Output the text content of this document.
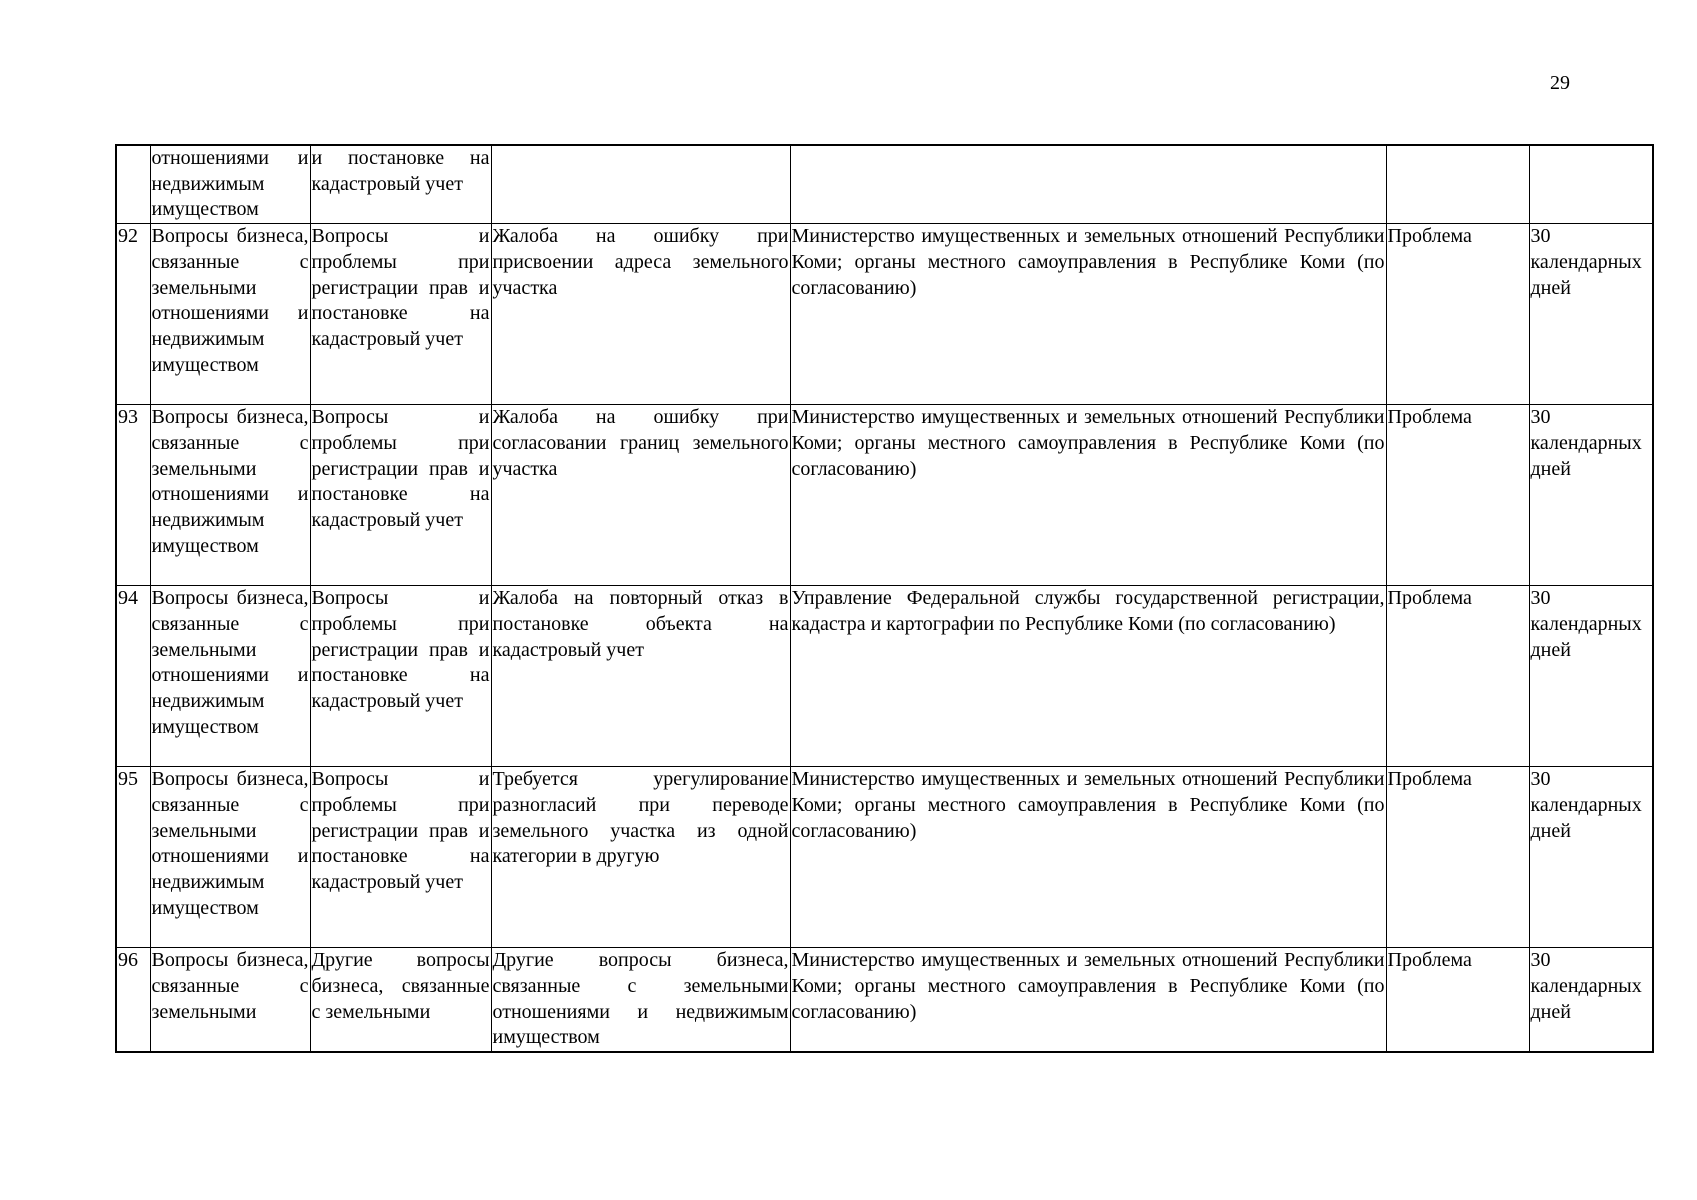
29
	отношениями и недвижимым имуществом	и постановке на кадастровый учет				
92	Вопросы бизнеса, связанные с земельными отношениями и недвижимым имуществом	Вопросы и проблемы при регистрации прав и постановке на кадастровый учет	Жалоба на ошибку при присвоении адреса земельного участка	Министерство имущественных и земельных отношений Республики Коми; органы местного самоуправления в Республике Коми (по согласованию)	Проблема	30 календарных дней
93	Вопросы бизнеса, связанные с земельными отношениями и недвижимым имуществом	Вопросы и проблемы при регистрации прав и постановке на кадастровый учет	Жалоба на ошибку при согласовании границ земельного участка	Министерство имущественных и земельных отношений Республики Коми; органы местного самоуправления в Республике Коми (по согласованию)	Проблема	30 календарных дней
94	Вопросы бизнеса, связанные с земельными отношениями и недвижимым имуществом	Вопросы и проблемы при регистрации прав и постановке на кадастровый учет	Жалоба на повторный отказ в постановке объекта на кадастровый учет	Управление Федеральной службы государственной регистрации, кадастра и картографии по Республике Коми (по согласованию)	Проблема	30 календарных дней
95	Вопросы бизнеса, связанные с земельными отношениями и недвижимым имуществом	Вопросы и проблемы при регистрации прав и постановке на кадастровый учет	Требуется урегулирование разногласий при переводе земельного участка из одной категории в другую	Министерство имущественных и земельных отношений Республики Коми; органы местного самоуправления в Республике Коми (по согласованию)	Проблема	30 календарных дней
96	Вопросы бизнеса, связанные с земельными	Другие вопросы бизнеса, связанные с земельными	Другие вопросы бизнеса, связанные с земельными отношениями и недвижимым имуществом	Министерство имущественных и земельных отношений Республики Коми; органы местного самоуправления в Республике Коми (по согласованию)	Проблема	30 календарных дней
